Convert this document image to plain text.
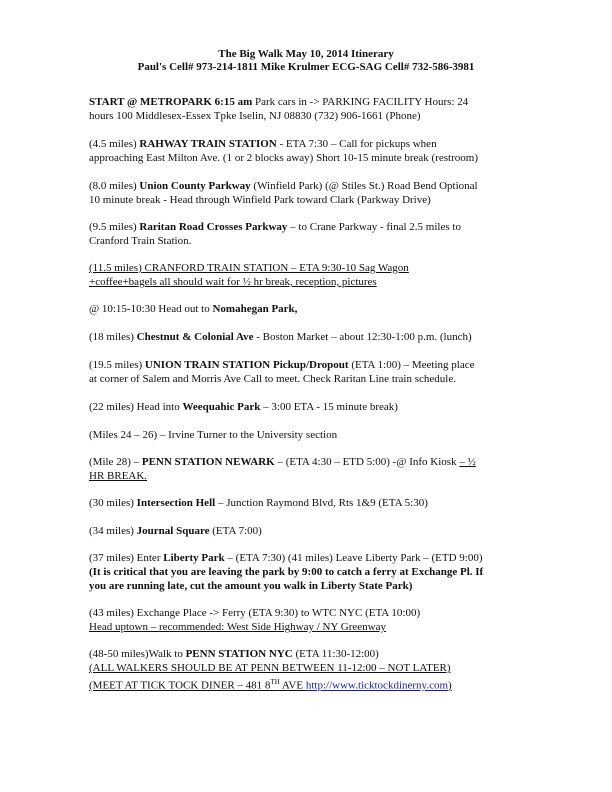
The Big Walk May 10, 2014 Itinerary
Paul's Cell# 973-214-1811 Mike Krulmer ECG-SAG Cell# 732-586-3981
START @ METROPARK 6:15 am Park cars in -> PARKING FACILITY Hours: 24
hours 100 Middlesex-Essex Tpke Iselin, NJ 08830 (732) 906-1661 (Phone)
(4.5 miles) RAHWAY TRAIN STATION - ETA 7:30 – Call for pickups when
approaching East Milton Ave. (1 or 2 blocks away) Short 10-15 minute break (restroom)
(8.0 miles) Union County Parkway (Winfield Park) (@ Stiles St.) Road Bend Optional
10 minute break - Head through Winfield Park toward Clark (Parkway Drive)
(9.5 miles) Raritan Road Crosses Parkway – to Crane Parkway - final 2.5 miles to
Cranford Train Station.
(11.5 miles) CRANFORD TRAIN STATION – ETA 9:30-10 Sag Wagon
+coffee+bagels all should wait for ½ hr break, reception, pictures
@ 10:15-10:30 Head out to Nomahegan Park,
(18 miles) Chestnut & Colonial Ave - Boston Market – about 12:30-1:00 p.m. (lunch)
(19.5 miles) UNION TRAIN STATION Pickup/Dropout (ETA 1:00) – Meeting place
at corner of Salem and Morris Ave Call to meet. Check Raritan Line train schedule.
(22 miles) Head into Weequahic Park – 3:00 ETA - 15 minute break)
(Miles 24 – 26) – Irvine Turner to the University section
(Mile 28) – PENN STATION NEWARK – (ETA 4:30 – ETD 5:00) -@ Info Kiosk – ½
HR BREAK.
(30 miles) Intersection Hell – Junction Raymond Blvd, Rts 1&9 (ETA 5:30)
(34 miles) Journal Square (ETA 7:00)
(37 miles) Enter Liberty Park – (ETA 7:30) (41 miles) Leave Liberty Park – (ETD 9:00)
(It is critical that you are leaving the park by 9:00 to catch a ferry at Exchange Pl. If
you are running late, cut the amount you walk in Liberty State Park)
(43 miles) Exchange Place -> Ferry (ETA 9:30) to WTC NYC (ETA 10:00)
Head uptown – recommended: West Side Highway / NY Greenway
(48-50 miles)Walk to PENN STATION NYC (ETA 11:30-12:00)
(ALL WALKERS SHOULD BE AT PENN BETWEEN 11-12:00 – NOT LATER)
(MEET AT TICK TOCK DINER – 481 8TH AVE http://www.ticktockdinerny.com)
